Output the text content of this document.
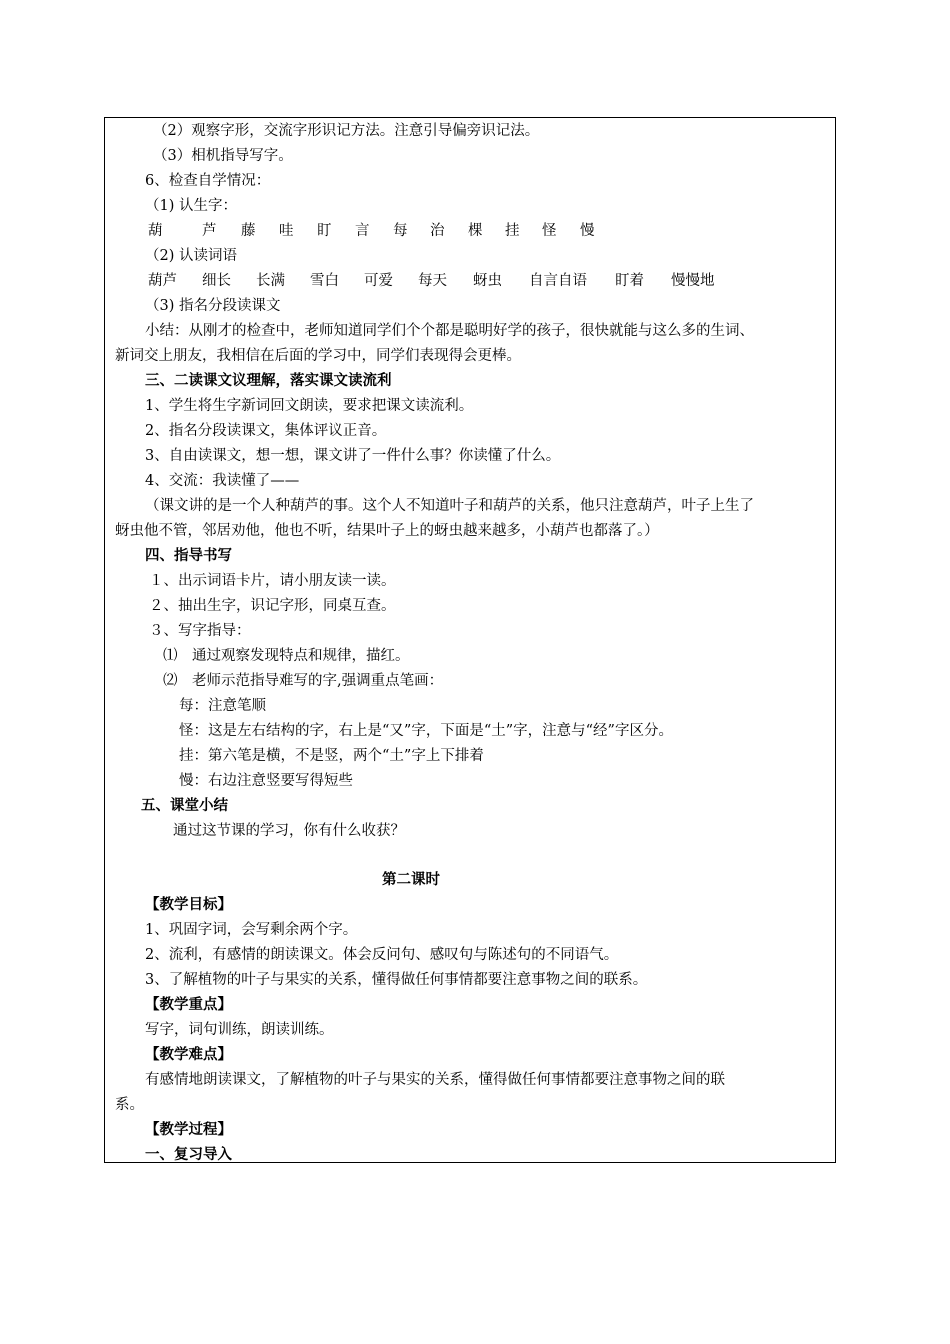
（2）观察字形，交流字形识记方法。注意引导偏旁识记法。
（3）相机指导写字。
6、检查自学情况：
（1) 认生字：
葫	芦 藤 哇 盯 言 每 治 棵 挂 怪 慢
（2) 认读词语
葫芦 细长 长满 雪白 可爱 每天 蚜虫 自言自语 盯着 慢慢地
（3) 指名分段读课文
小结：从刚才的检查中，老师知道同学们个个都是聪明好学的孩子，很快就能与这么多的生词、
新词交上朋友，我相信在后面的学习中，同学们表现得会更棒。
三、二读课文议理解，落实课文读流利
1、学生将生字新词回文朗读，要求把课文读流利。
2、指名分段读课文，集体评议正音。
3、自由读课文，想一想，课文讲了一件什么事？你读懂了什么。
4、交流：我读懂了——
（课文讲的是一个人种葫芦的事。这个人不知道叶子和葫芦的关系，他只注意葫芦，叶子上生了
蚜虫他不管，邻居劝他，他也不听，结果叶子上的蚜虫越来越多，小葫芦也都落了。）
四、指导书写
１、出示词语卡片，请小朋友读一读。
２、抽出生字，识记字形，同桌互查。
３、写字指导：
⑴　通过观察发现特点和规律，描红。
⑵　老师示范指导难写的字,强调重点笔画：
每：注意笔顺
怪：这是左右结构的字，右上是“又”字，下面是“土”字，注意与“经”字区分。
挂：第六笔是横，不是竖，两个“土”字上下排着
慢：右边注意竖要写得短些
五、课堂小结
通过这节课的学习，你有什么收获？
第二课时
【教学目标】
1、巩固字词，会写剩余两个字。
2、流利，有感情的朗读课文。体会反问句、感叹句与陈述句的不同语气。
3、了解植物的叶子与果实的关系，懂得做任何事情都要注意事物之间的联系。
【教学重点】
写字，词句训练，朗读训练。
【教学难点】
有感情地朗读课文，了解植物的叶子与果实的关系，懂得做任何事情都要注意事物之间的联
系。
【教学过程】
一、复习导入
